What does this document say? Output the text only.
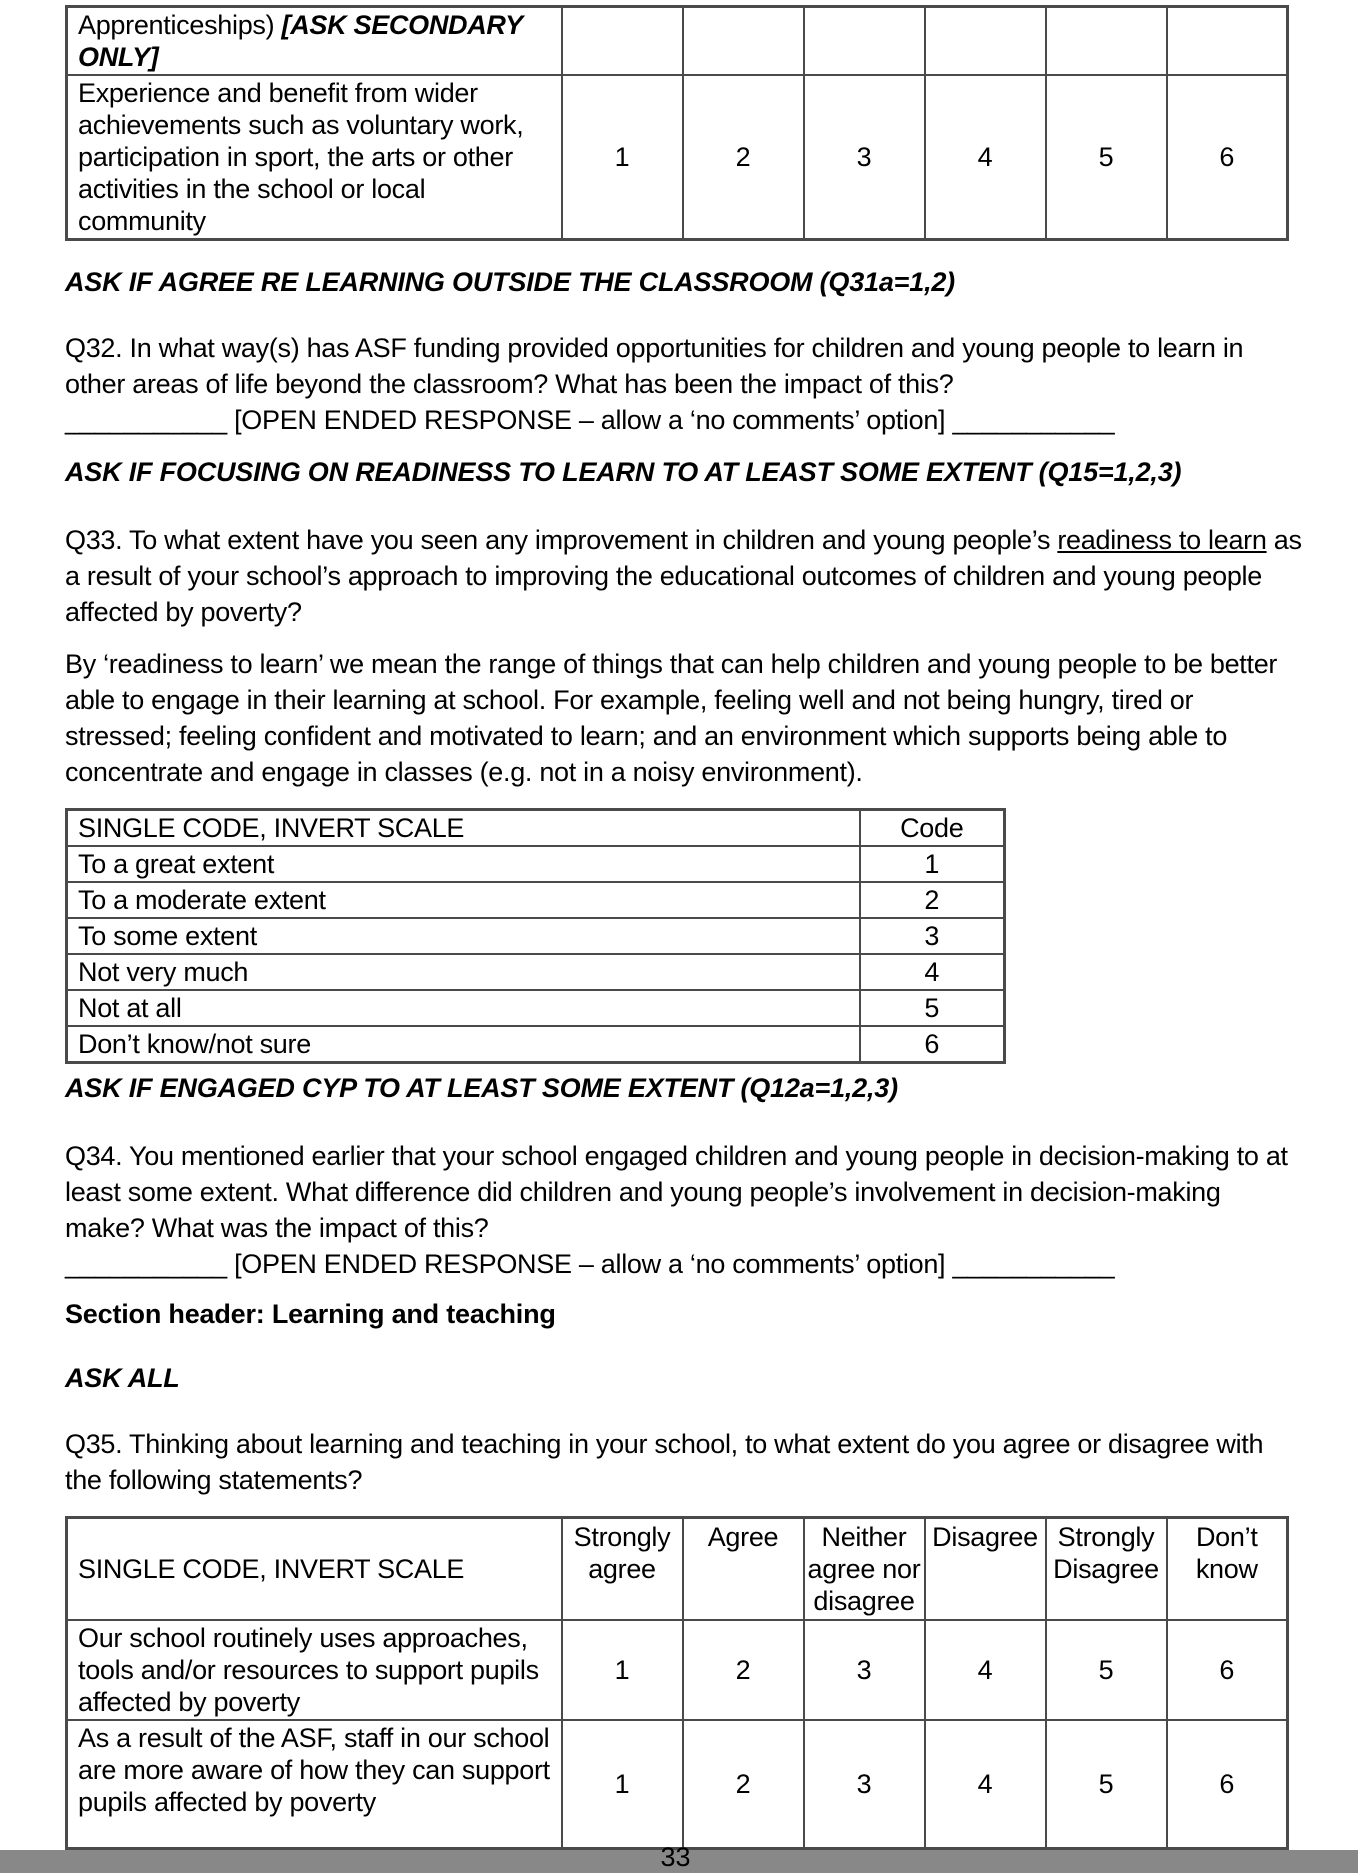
Apprenticeships) [ASK SECONDARY ONLY]						
Experience and benefit from wider achievements such as voluntary work, participation in sport, the arts or other activities in the school or local community	1	2	3	4	5	6
ASK IF AGREE RE LEARNING OUTSIDE THE CLASSROOM (Q31a=1,2)
Q32. In what way(s) has ASF funding provided opportunities for children and young people to learn in other areas of life beyond the classroom? What has been the impact of this?
___________ [OPEN ENDED RESPONSE – allow a ‘no comments’ option] ___________
ASK IF FOCUSING ON READINESS TO LEARN TO AT LEAST SOME EXTENT (Q15=1,2,3)
Q33. To what extent have you seen any improvement in children and young people’s readiness to learn as a result of your school’s approach to improving the educational outcomes of children and young people affected by poverty?
By ‘readiness to learn’ we mean the range of things that can help children and young people to be better able to engage in their learning at school. For example, feeling well and not being hungry, tired or stressed; feeling confident and motivated to learn; and an environment which supports being able to concentrate and engage in classes (e.g. not in a noisy environment).
SINGLE CODE, INVERT SCALE	Code
To a great extent	1
To a moderate extent	2
To some extent	3
Not very much	4
Not at all	5
Don’t know/not sure	6
ASK IF ENGAGED CYP TO AT LEAST SOME EXTENT (Q12a=1,2,3)
Q34. You mentioned earlier that your school engaged children and young people in decision-making to at least some extent. What difference did children and young people’s involvement in decision-making make? What was the impact of this?
___________ [OPEN ENDED RESPONSE – allow a ‘no comments’ option] ___________
Section header: Learning and teaching
ASK ALL
Q35. Thinking about learning and teaching in your school, to what extent do you agree or disagree with the following statements?
SINGLE CODE, INVERT SCALE	Strongly agree	Agree	Neither agree nor disagree	Disagree	Strongly Disagree	Don’t know
Our school routinely uses approaches, tools and/or resources to support pupils affected by poverty	1	2	3	4	5	6
As a result of the ASF, staff in our school are more aware of how they can support pupils affected by poverty	1	2	3	4	5	6
33
